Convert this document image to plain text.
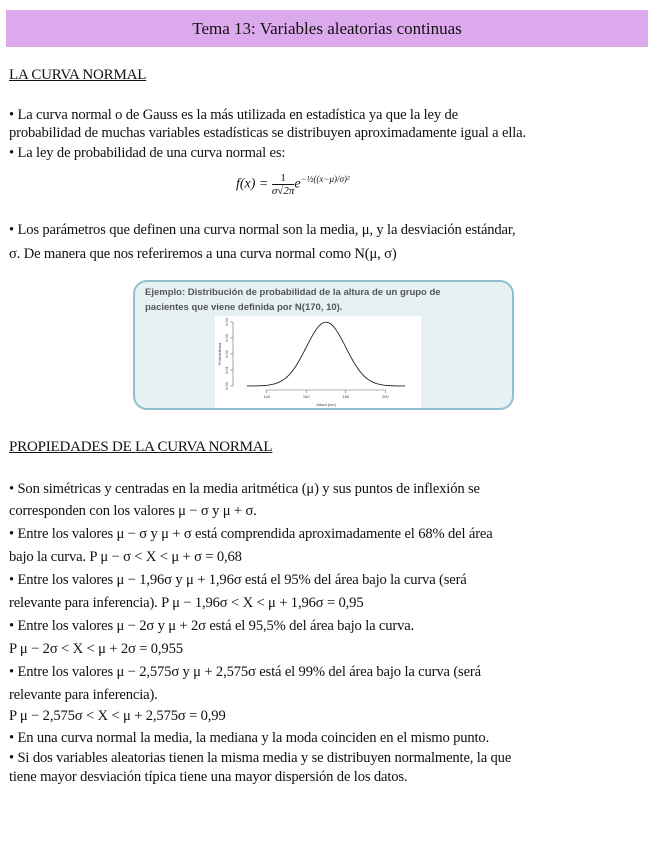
Tema 13: Variables aleatorias continuas
LA CURVA NORMAL
• La curva normal o de Gauss es la más utilizada en estadística ya que la ley de
probabilidad de muchas variables estadísticas se distribuyen aproximadamente igual a ella.
• La ley de probabilidad de una curva normal es:
$f(x) = \frac{1}{\sigma√2\pi} e^{-\frac{1}{2}((x-\mu)/\sigma)^2}$
• Los parámetros que definen una curva normal son la media, μ, y la desviación estándar,
σ. De manera que nos referiremos a una curva normal como N(μ, σ)
Ejemplo: Distribución de probabilidad de la altura de un grupo de
pacientes que viene definida por N(170, 10).
0.00
0.01
0.02
0.03
0.04
140	160	180	200
Altura (cm)
Probabilidad
PROPIEDADES DE LA CURVA NORMAL
• Son simétricas y centradas en la media aritmética (μ) y sus puntos de inflexión se
corresponden con los valores μ − σ y μ + σ.
• Entre los valores μ − σ y μ + σ está comprendida aproximadamente el 68% del área
bajo la curva. P μ − σ < X < μ + σ = 0,68
• Entre los valores μ − 1,96σ y μ + 1,96σ está el 95% del área bajo la curva (será
relevante para inferencia). P μ − 1,96σ < X < μ + 1,96σ = 0,95
• Entre los valores μ − 2σ y μ + 2σ está el 95,5% del área bajo la curva.
P μ − 2σ < X < μ + 2σ = 0,955
• Entre los valores μ − 2,575σ y μ + 2,575σ está el 99% del área bajo la curva (será
relevante para inferencia).
P μ − 2,575σ < X < μ + 2,575σ = 0,99
• En una curva normal la media, la mediana y la moda coinciden en el mismo punto.
• Si dos variables aleatorias tienen la misma media y se distribuyen normalmente, la que
tiene mayor desviación típica tiene una mayor dispersión de los datos.
